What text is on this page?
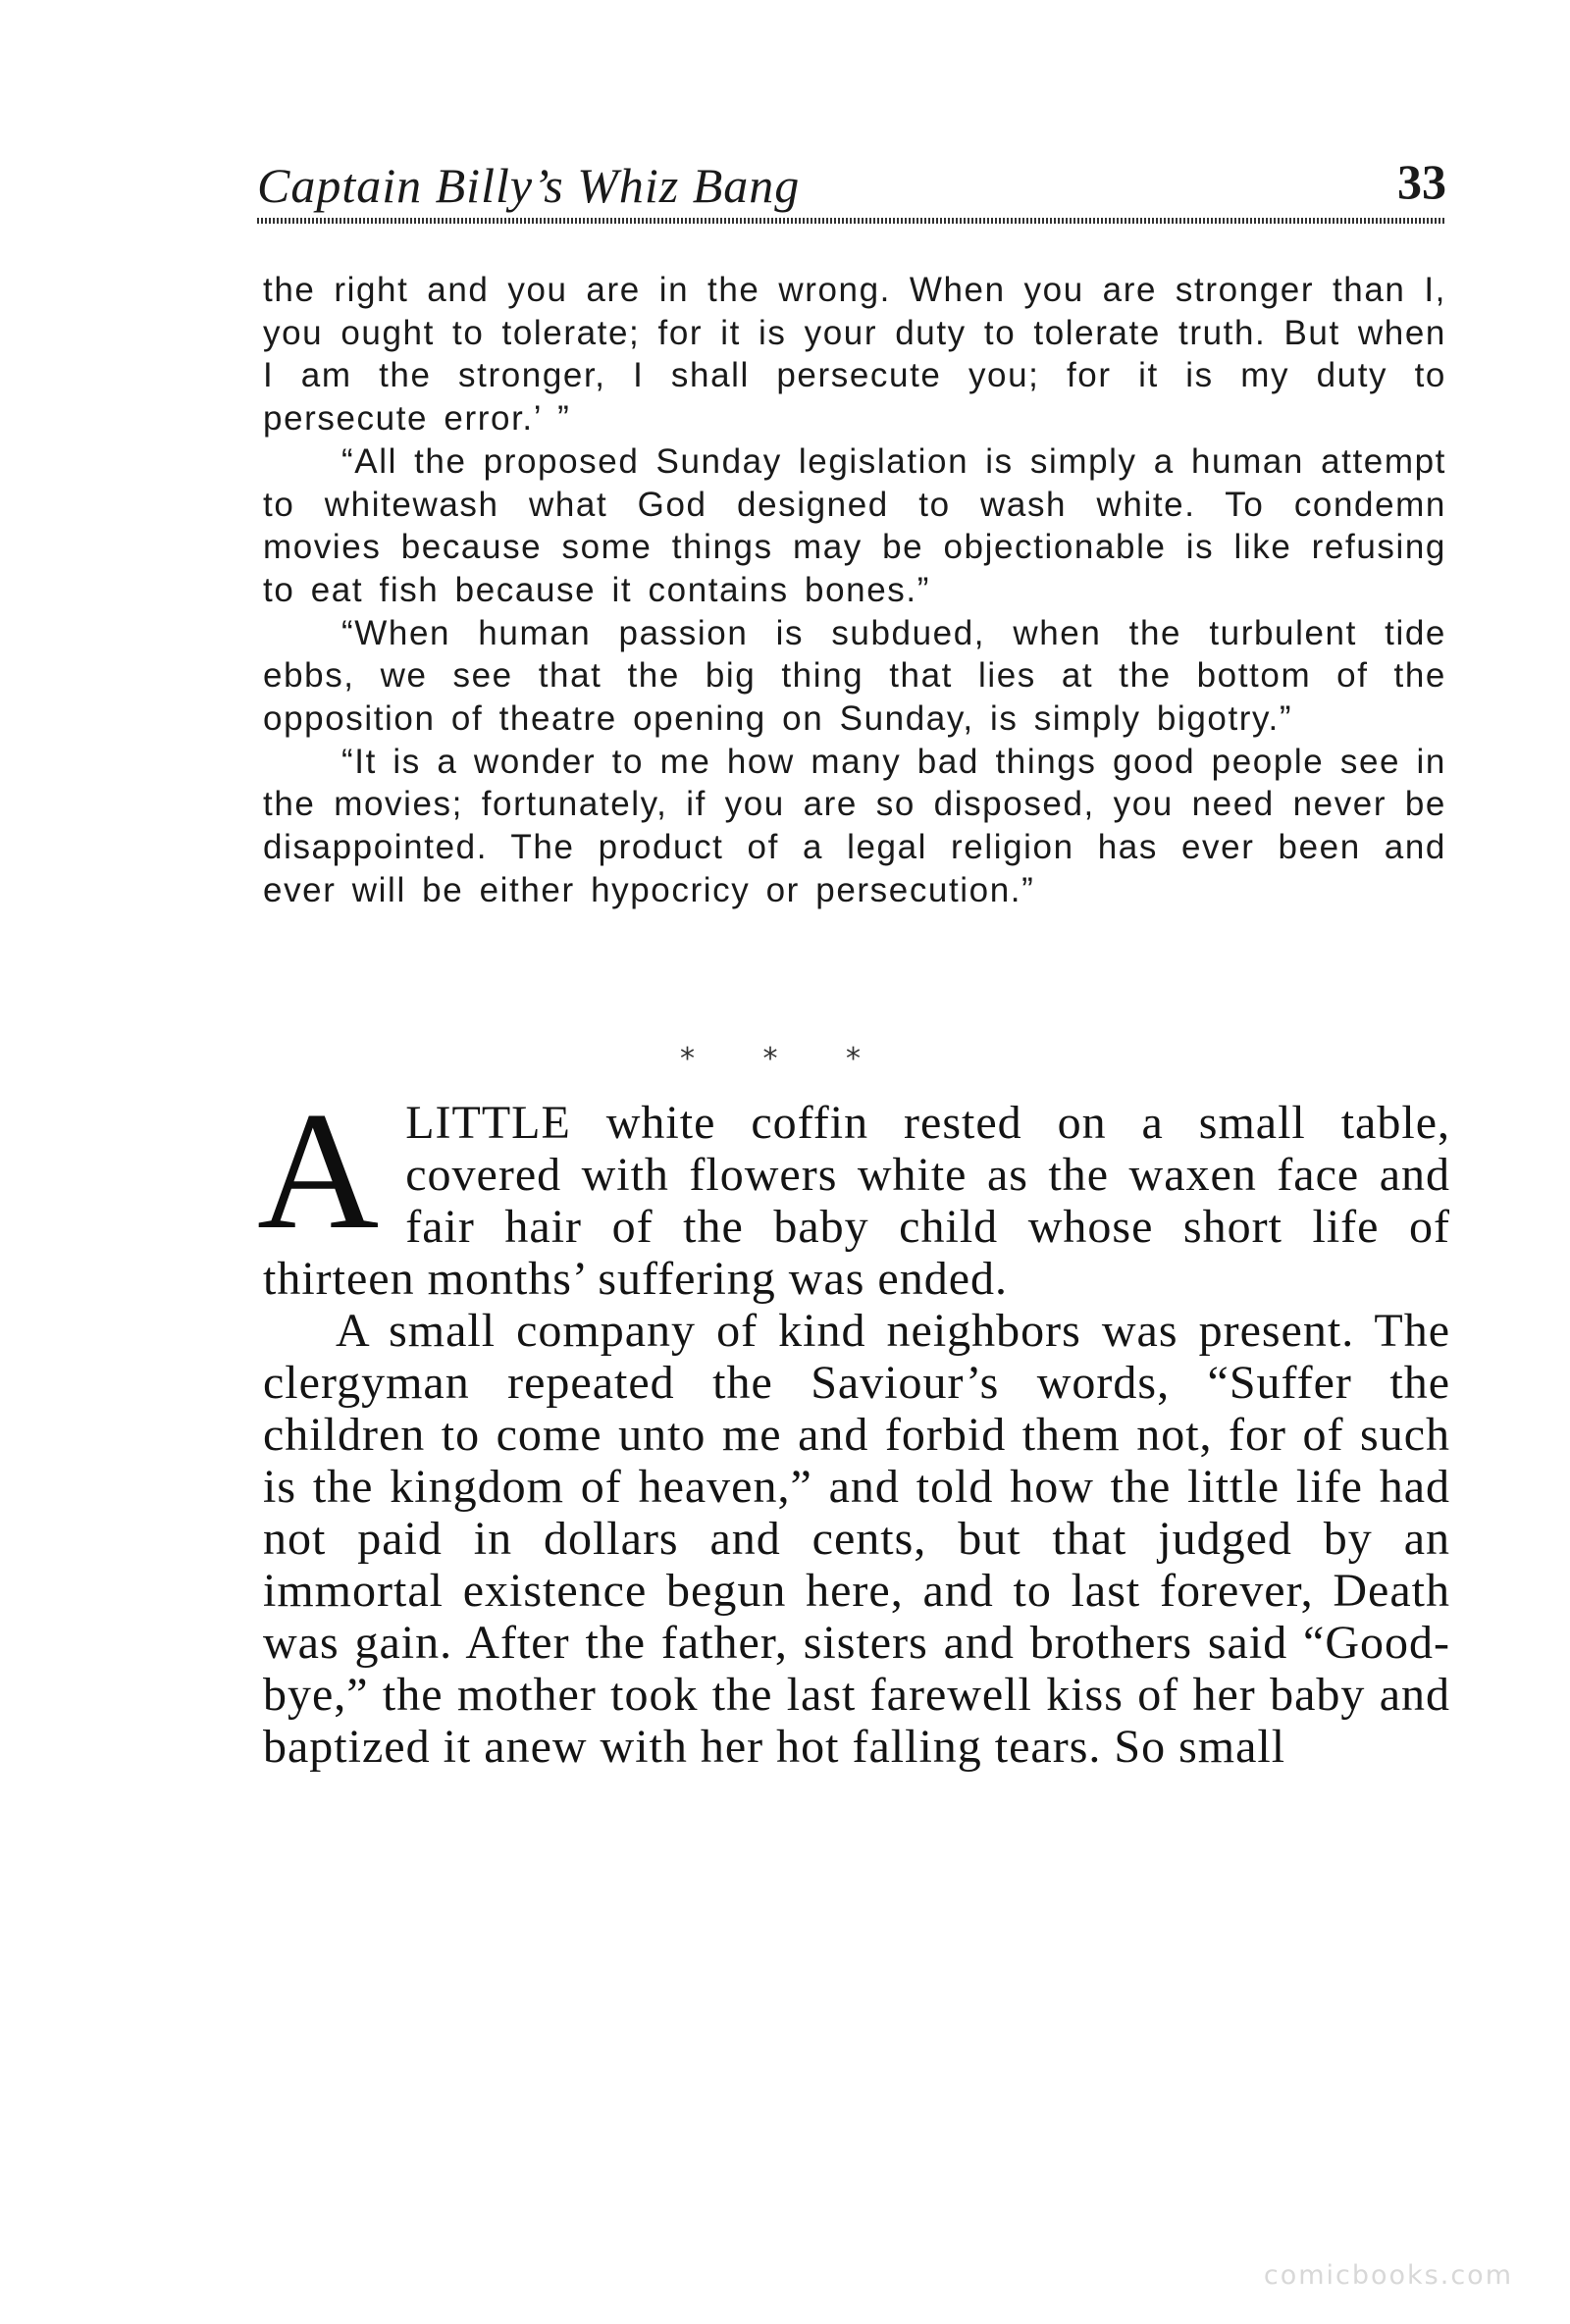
Captain Billy’s Whiz Bang	33

the right and you are in the wrong. When you are stronger than I, you ought to tolerate; for it is your duty to tolerate truth. But when I am the stronger, I shall persecute you; for it is my duty to persecute error.’ ”

“All the proposed Sunday legislation is simply a human attempt to whitewash what God designed to wash white. To condemn movies because some things may be objectionable is like refusing to eat fish because it contains bones.”

“When human passion is subdued, when the turbulent tide ebbs, we see that the big thing that lies at the bottom of the opposition of theatre opening on Sunday, is simply bigotry.”

“It is a wonder to me how many bad things good people see in the movies; fortunately, if you are so disposed, you need never be disappointed. The product of a legal religion has ever been and ever will be either hypocricy or persecution.”

* * *

ALITTLE white coffin rested on a small table, covered with flowers white as the waxen face and fair hair of the baby child whose short life of thirteen months’ suffering was ended.

A small company of kind neighbors was present. The clergyman repeated the Saviour’s words, “Suffer the children to come unto me and forbid them not, for of such is the kingdom of heaven,” and told how the little life had not paid in dollars and cents, but that judged by an immortal existence begun here, and to last forever, Death was gain. After the father, sisters and brothers said “Good-bye,” the mother took the last farewell kiss of her baby and baptized it anew with her hot falling tears. So small

comicbooks.com
